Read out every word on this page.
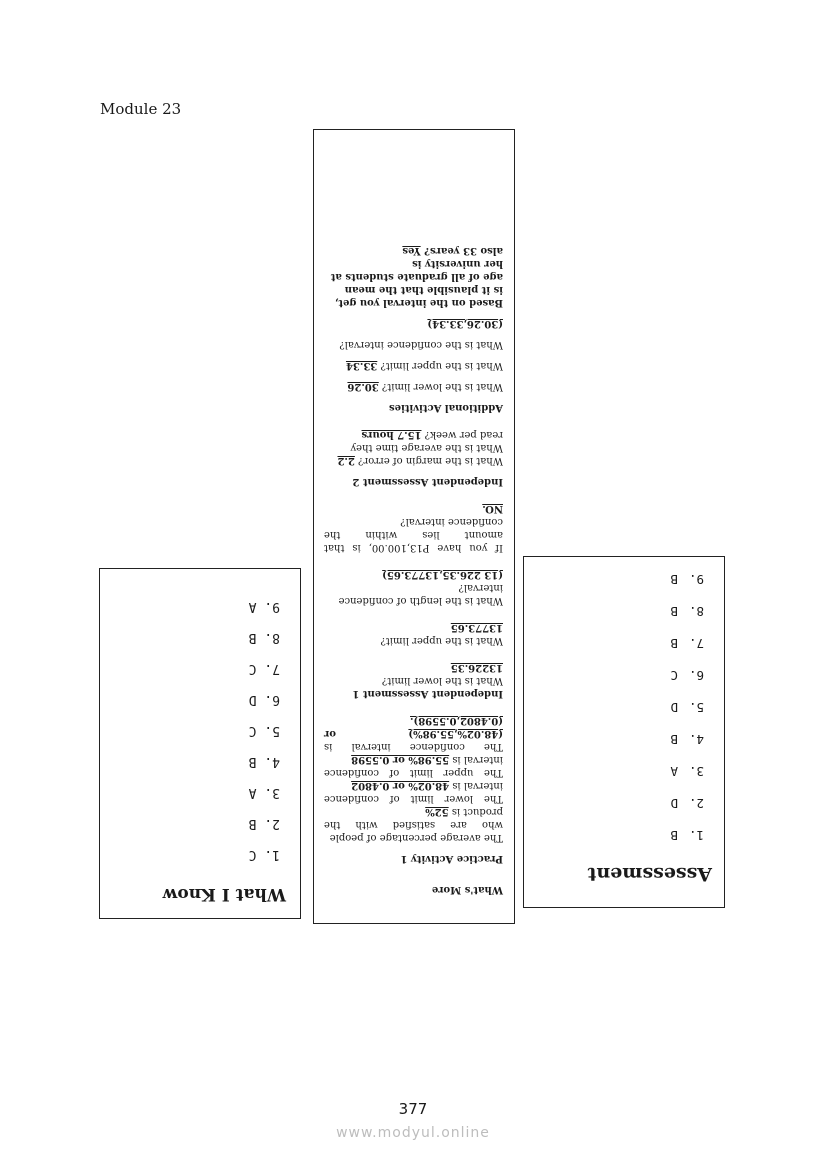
Module 23
What I Know
1. C
2. B
3. A
4. B
5. C
6. D
7. C
8. B
9. A

What's More

Practice Activity 1

The average percentage of people

who are satisfied with the

product is 52%

The lower limit of confidence

interval is 48.02% or 0.4802

The upper limit of confidence

interval is 55.98% or 0.5598

The confidence interval is

(48.02%,55.98%)
or

(0.4802,0.5598).

Independent Assessment 1

What is the lower limit?

13226.35

What is the upper limit?

13773.65

What is the length of confidence

interval?

(13 226.35,13773.65)

If you have P13,100.00, is that

amount lies within the

confidence interval?

NO.

Independent Assessment 2

What is the margin of error? 2.2

What is the average time they

read per week? 15.7 hours

Additional Activities

What is the lower limit? 30.26

What is the upper limit? 33.34

What is the confidence interval?

(30.26,33.34)

Based on the interval you get,

is it plausible that the mean

age of all graduate students at

her university is

also 33 years? Yes

Assessment
1.B
2.D
3.A
4.B
5.D
6.C
7.B
8.B
9.B
377
www.modyul.online
